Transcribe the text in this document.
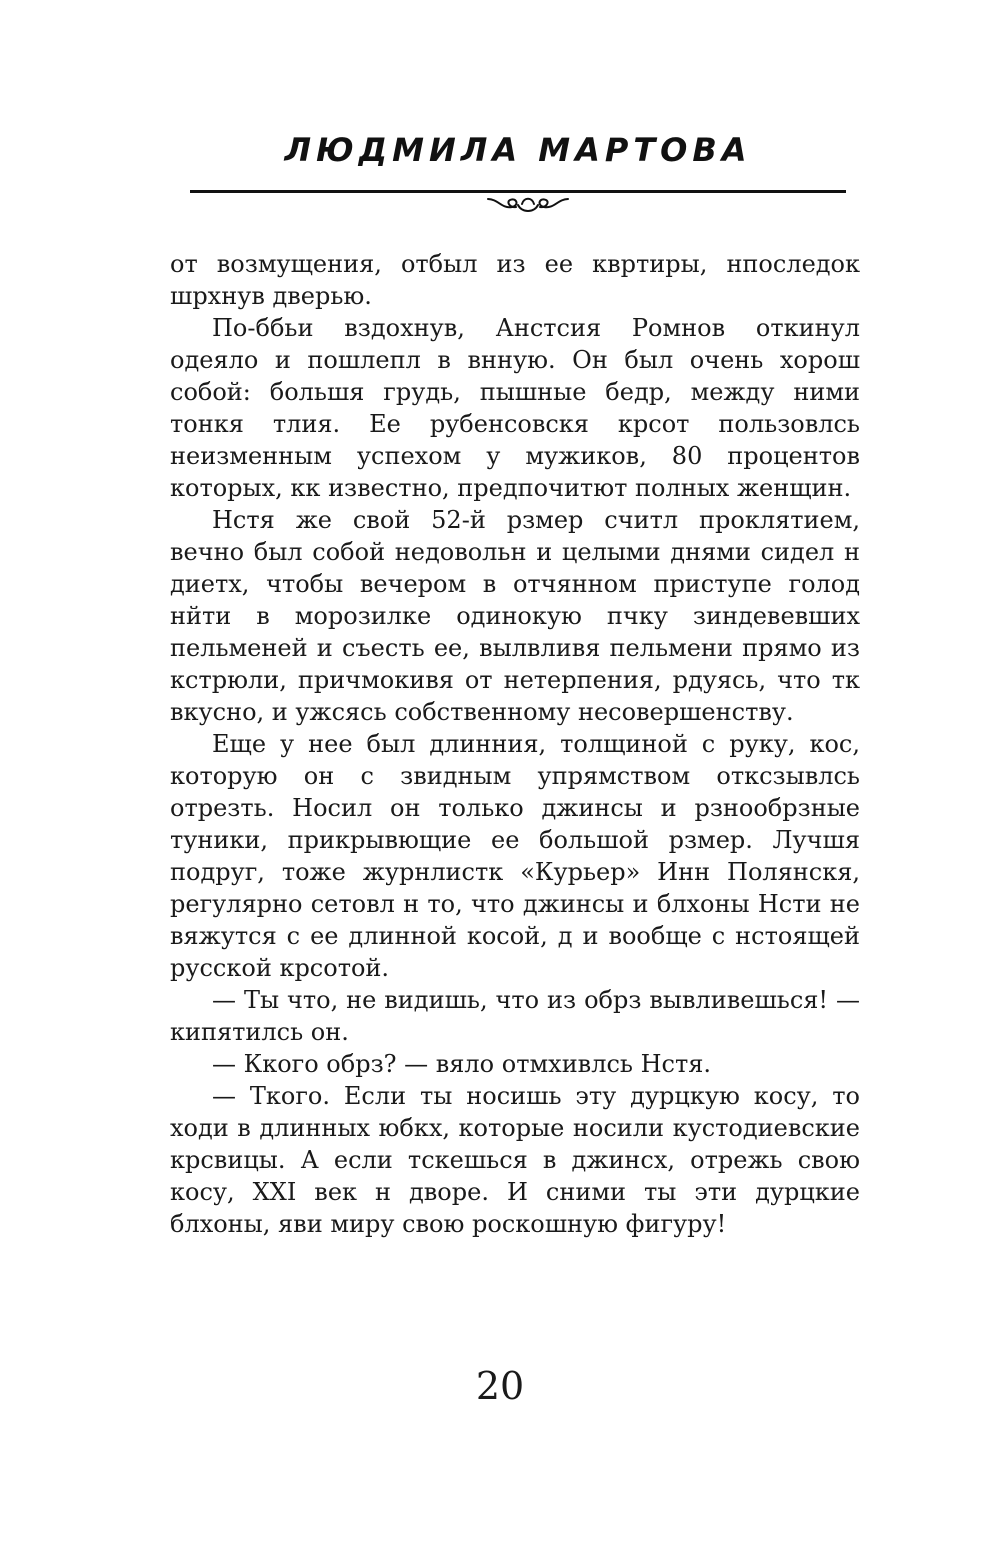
ЛЮДМИЛА МАРТОВА

от возмущения, отбыл из ее квртиры, нпоследок шрхнув дверью.

По-ббьи вздохнув, Анстсия Ромнов откинул одеяло и пошлепл в внную. Он был очень хорош собой: большя грудь, пышные бедр, между ними тонкя тлия. Ее рубенсовскя крсот пользовлсь неизменным успехом у мужиков, 80 процентов которых, кк известно, предпочитют полных женщин.

Нстя же свой 52-й рзмер считл проклятием, вечно был собой недовольн и целыми днями сидел н диетх, чтобы вечером в отчянном приступе голод нйти в морозилке одинокую пчку зиндевевших пельменей и съесть ее, вылвливя пельмени прямо из кстрюли, причмокивя от нетерпения, рдуясь, что тк вкусно, и ужсясь собственному несовершенству.

Еще у нее был длинния, толщиной с руку, кос, которую он с звидным упрямством отксзывлсь отрезть. Носил он только джинсы и рзнообрзные туники, прикрывющие ее большой рзмер. Лучшя подруг, тоже журнлистк «Курьер» Инн Полянскя, регулярно сетовл н то, что джинсы и блхоны Нсти не вяжутся с ее длинной косой, д и вообще с нстоящей русской крсотой.

— Ты что, не видишь, что из обрз вывливешься! — кипятилсь он.

— Ккого обрз? — вяло отмхивлсь Нстя.

— Ткого. Если ты носишь эту дурцкую косу, то ходи в длинных юбкх, которые носили кустодиевские крсвицы. А если тскешься в джинсх, отрежь свою косу, XXI век н дворе. И сними ты эти дурцкие блхоны, яви миру свою роскошную фигуру!

20
